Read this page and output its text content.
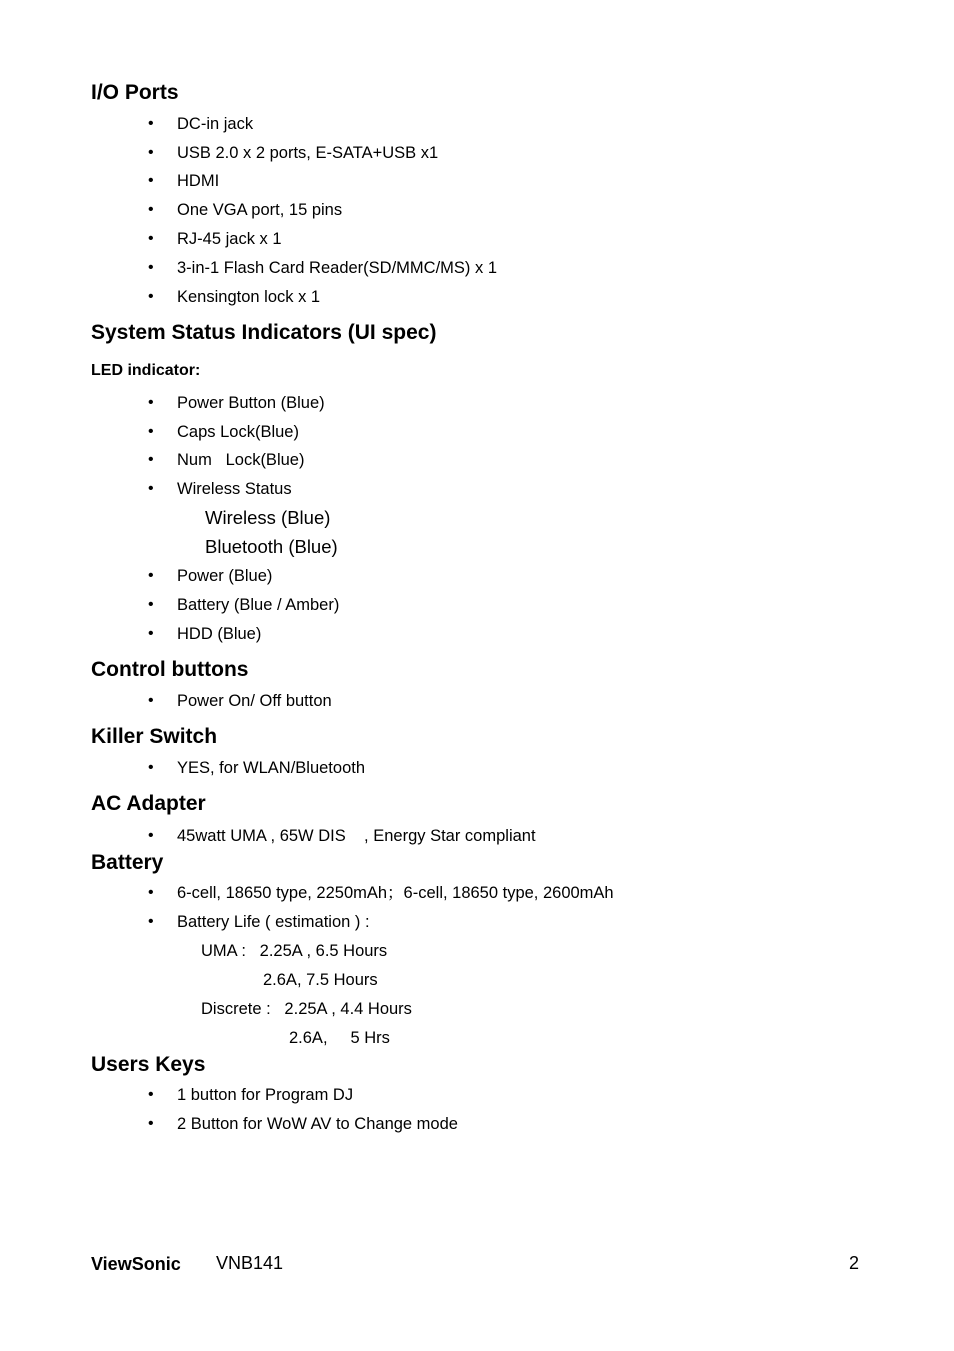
I/O Ports
• DC-in jack
• USB 2.0 x 2 ports, E-SATA+USB x1
• HDMI
• One VGA port, 15 pins
• RJ-45 jack x 1
• 3-in-1 Flash Card Reader(SD/MMC/MS) x 1
• Kensington lock x 1
System Status Indicators (UI spec)
LED indicator:
• Power Button (Blue)
• Caps Lock(Blue)
• Num   Lock(Blue)
• Wireless Status
Wireless (Blue)
Bluetooth (Blue)
• Power (Blue)
• Battery (Blue / Amber)
• HDD (Blue)
Control buttons
• Power On/ Off button
Killer Switch
• YES, for WLAN/Bluetooth
AC Adapter
• 45watt UMA , 65W DIS    , Energy Star compliant
Battery
• 6-cell, 18650 type, 2250mAh；6-cell, 18650 type, 2600mAh
• Battery Life ( estimation ) :
UMA :   2.25A , 6.5 Hours
2.6A, 7.5 Hours
Discrete :   2.25A , 4.4 Hours
2.6A,     5 Hrs
Users Keys
• 1 button for Program DJ
• 2 Button for WoW AV to Change mode
ViewSonic VNB141	2
